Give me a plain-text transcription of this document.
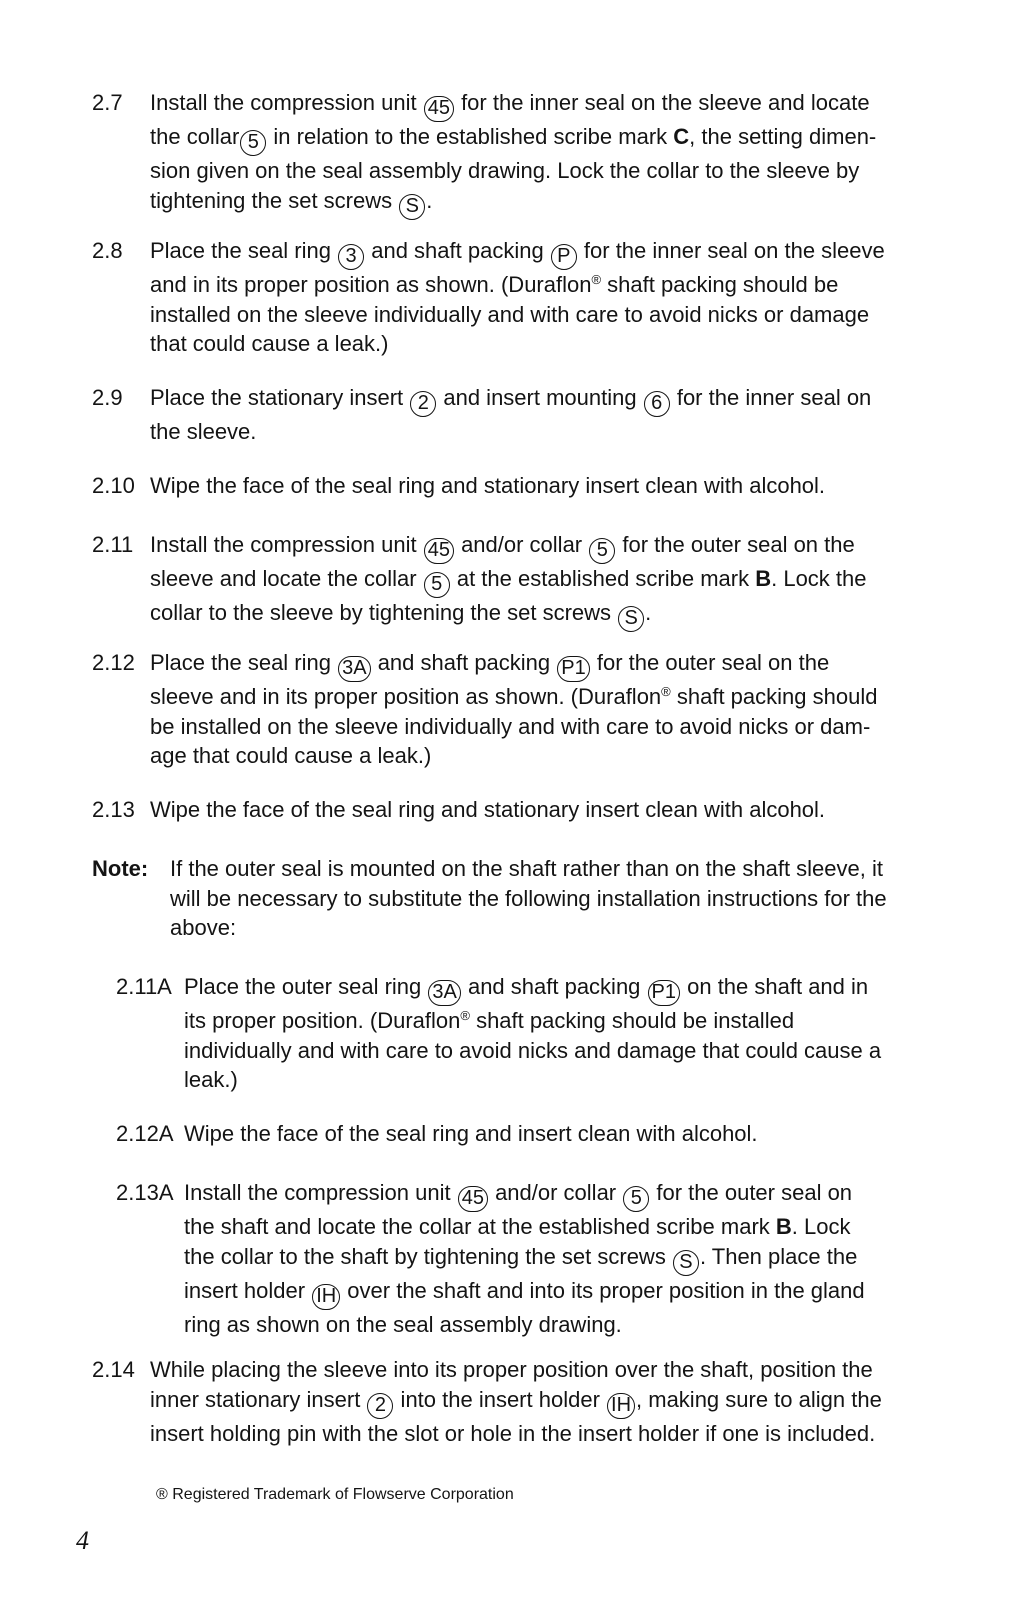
2.7 Install the compression unit 45 for the inner seal on the sleeve and locate
the collar 5 in relation to the established scribe mark C, the setting dimen-
sion given on the seal assembly drawing. Lock the collar to the sleeve by
tightening the set screws S .
2.8 Place the seal ring 3 and shaft packing P for the inner seal on the sleeve
and in its proper position as shown. (Duraflon® shaft packing should be
installed on the sleeve individually and with care to avoid nicks or damage
that could cause a leak.)
2.9 Place the stationary insert 2 and insert mounting 6 for the inner seal on
the sleeve.
2.10 Wipe the face of the seal ring and stationary insert clean with alcohol.
2.11 Install the compression unit 45 and/or collar 5 for the outer seal on the
sleeve and locate the collar 5 at the established scribe mark B. Lock the
collar to the sleeve by tightening the set screws S .
2.12 Place the seal ring 3A and shaft packing P1 for the outer seal on the
sleeve and in its proper position as shown. (Duraflon® shaft packing should
be installed on the sleeve individually and with care to avoid nicks or dam-
age that could cause a leak.)
2.13 Wipe the face of the seal ring and stationary insert clean with alcohol.
Note: If the outer seal is mounted on the shaft rather than on the shaft sleeve, it
will be necessary to substitute the following installation instructions for the
above:
2.11A Place the outer seal ring 3A and shaft packing P1 on the shaft and in
its proper position. (Duraflon® shaft packing should be installed
individually and with care to avoid nicks and damage that could cause a
leak.)
2.12A Wipe the face of the seal ring and insert clean with alcohol.
2.13A Install the compression unit 45 and/or collar 5 for the outer seal on
the shaft and locate the collar at the established scribe mark B. Lock
the collar to the shaft by tightening the set screws S . Then place the
insert holder IH over the shaft and into its proper position in the gland
ring as shown on the seal assembly drawing.
2.14 While placing the sleeve into its proper position over the shaft, position the
inner stationary insert 2 into the insert holder IH , making sure to align the
insert holding pin with the slot or hole in the insert holder if one is included.
® Registered Trademark of Flowserve Corporation
4
